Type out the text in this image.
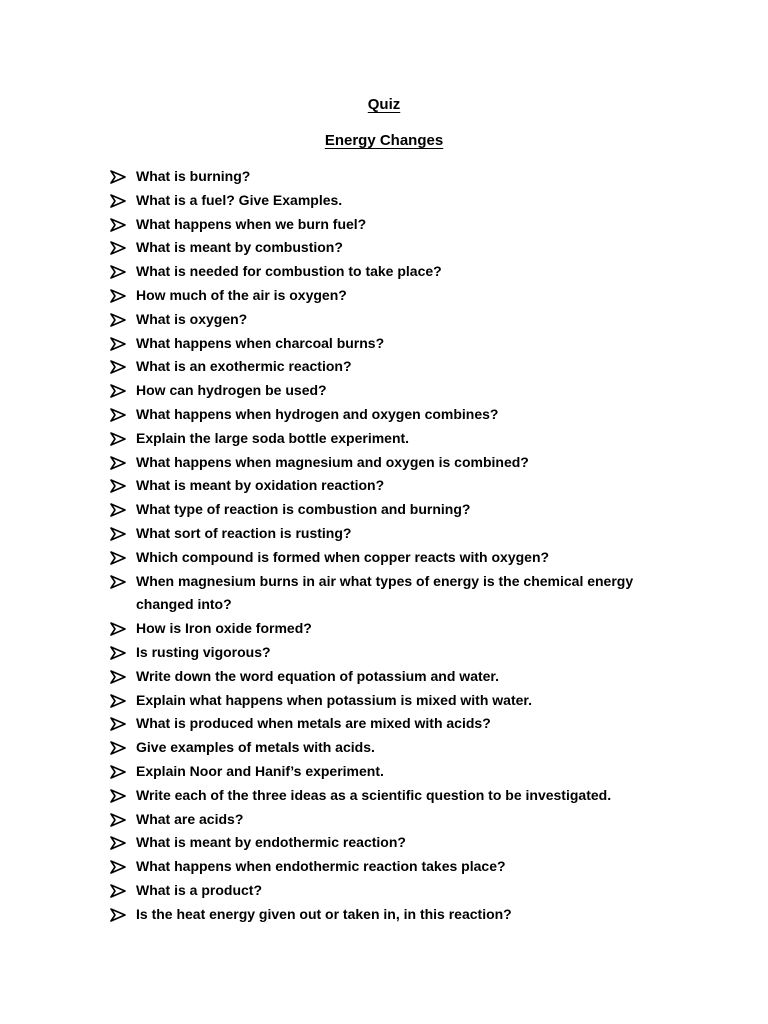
Quiz
Energy Changes
What is burning?
What is a fuel? Give Examples.
What happens when we burn fuel?
What is meant by combustion?
What is needed for combustion to take place?
How much of the air is oxygen?
What is oxygen?
What happens when charcoal burns?
What is an exothermic reaction?
How can hydrogen be used?
What happens when hydrogen and oxygen combines?
Explain the large soda bottle experiment.
What happens when magnesium and oxygen is combined?
What is meant by oxidation reaction?
What type of reaction is combustion and burning?
What sort of reaction is rusting?
Which compound is formed when copper reacts with oxygen?
When magnesium burns in air what types of energy is the chemical energy changed into?
How is Iron oxide formed?
Is rusting vigorous?
Write down the word equation of potassium and water.
Explain what happens when potassium is mixed with water.
What is produced when metals are mixed with acids?
Give examples of metals with acids.
Explain Noor and Hanif’s experiment.
Write each of the three ideas as a scientific question to be investigated.
What are acids?
What is meant by endothermic reaction?
What happens when endothermic reaction takes place?
What is a product?
Is the heat energy given out or taken in, in this reaction?
